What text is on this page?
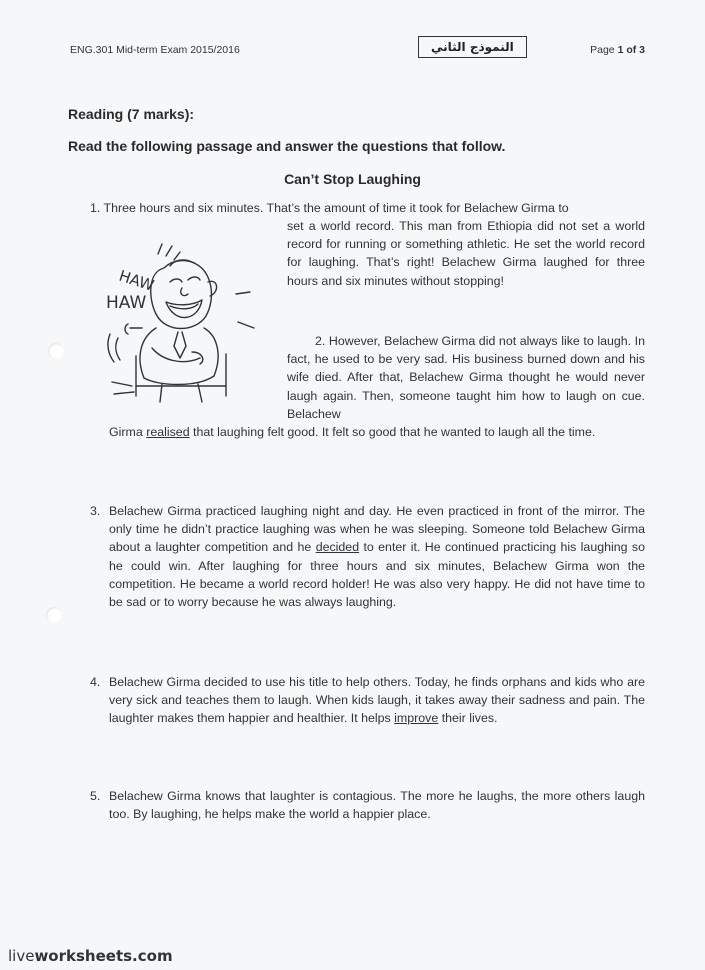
ENG.301 Mid-term Exam 2015/2016	النموذج الثاني	Page 1 of 3
Reading (7 marks):
Read the following passage and answer the questions that follow.
Can’t Stop Laughing
1. Three hours and six minutes. That’s the amount of time it took for Belachew Girma to
set a world record. This man from Ethiopia did not set a world record for running or something athletic. He set the world record for laughing. That’s right! Belachew Girma laughed for three hours and six minutes without stopping!
HAW
HAW
2. However, Belachew Girma did not always like to laugh. In fact, he used to be very sad. His business burned down and his wife died. After that, Belachew Girma thought he would never laugh again. Then, someone taught him how to laugh on cue. Belachew
Girma realised that laughing felt good. It felt so good that he wanted to laugh all the time.
3. Belachew Girma practiced laughing night and day. He even practiced in front of the mirror. The only time he didn’t practice laughing was when he was sleeping. Someone told Belachew Girma about a laughter competition and he decided to enter it. He continued practicing his laughing so he could win. After laughing for three hours and six minutes, Belachew Girma won the competition. He became a world record holder! He was also very happy. He did not have time to be sad or to worry because he was always laughing.
4. Belachew Girma decided to use his title to help others. Today, he finds orphans and kids who are very sick and teaches them to laugh. When kids laugh, it takes away their sadness and pain. The laughter makes them happier and healthier. It helps improve their lives.
5. Belachew Girma knows that laughter is contagious. The more he laughs, the more others laugh too. By laughing, he helps make the world a happier place.
liveworksheets.com
